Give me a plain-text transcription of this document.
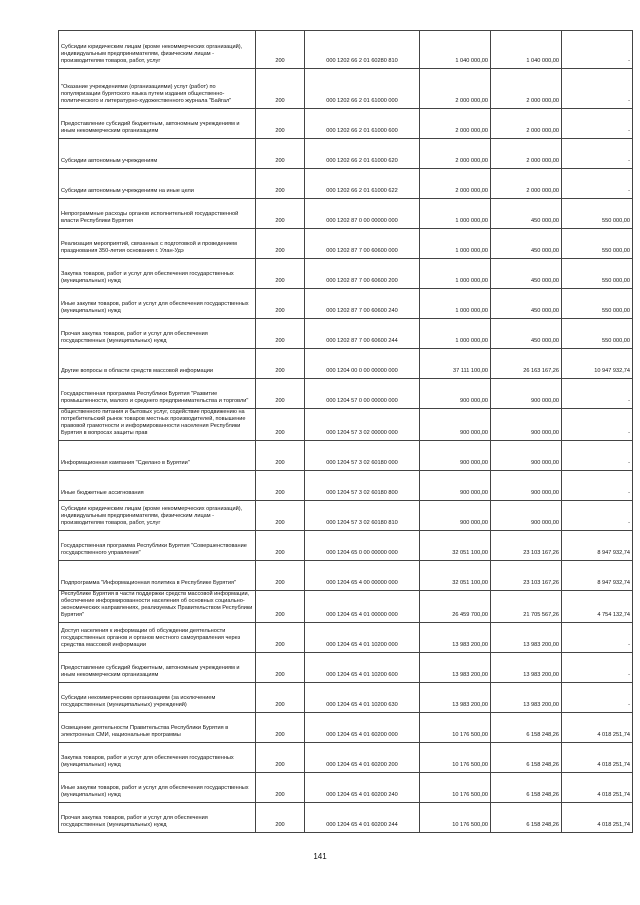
Субсидии юридическим лицам (кроме некоммерческих организаций), индивидуальным предпринимателям, физическим лицам - производителям товаров, работ, услуг	200	000 1202 66 2 01 60280 810	1 040 000,00	1 040 000,00	-

"Оказание учреждениями (организациями) услуг (работ) по популяризации бурятского языка путем издания общественно-политического и литературно-художественного журнала "Байгал"	200	000 1202 66 2 01 61000 000	2 000 000,00	2 000 000,00	-

Предоставление субсидий бюджетным, автономным учреждениям и иным некоммерческим организациям	200	000 1202 66 2 01 61000 600	2 000 000,00	2 000 000,00	-

Субсидии автономным учреждениям	200	000 1202 66 2 01 61000 620	2 000 000,00	2 000 000,00	-

Субсидии автономным учреждениям на иные цели	200	000 1202 66 2 01 61000 622	2 000 000,00	2 000 000,00	-

Непрограммные расходы органов исполнительной государственной власти Республики Бурятия	200	000 1202 87 0 00 00000 000	1 000 000,00	450 000,00	550 000,00

Реализация мероприятий, связанных с подготовкой и проведением празднования 350-летия основания г. Улан-Удэ	200	000 1202 87 7 00 60600 000	1 000 000,00	450 000,00	550 000,00

Закупка товаров, работ и услуг для обеспечения государственных (муниципальных) нужд	200	000 1202 87 7 00 60600 200	1 000 000,00	450 000,00	550 000,00

Иные закупки товаров, работ и услуг для обеспечения государственных (муниципальных) нужд	200	000 1202 87 7 00 60600 240	1 000 000,00	450 000,00	550 000,00

Прочая закупка товаров, работ и услуг для обеспечения государственных (муниципальных) нужд	200	000 1202 87 7 00 60600 244	1 000 000,00	450 000,00	550 000,00

Другие вопросы в области средств массовой информации	200	000 1204 00 0 00 00000 000	37 111 100,00	26 163 167,26	10 947 932,74

Государственная программа Республики Бурятия "Развитие промышленности, малого и среднего предпринимательства и торговли"	200	000 1204 57 0 00 00000 000	900 000,00	900 000,00	-

общественного питания и бытовых услуг, содействие продвижению на потребительский рынок товаров местных производителей, повышение правовой грамотности и информированности населения Республики Бурятия в вопросах защиты прав	200	000 1204 57 3 02 00000 000	900 000,00	900 000,00	-

Информационная кампания "Сделано в Бурятии"	200	000 1204 57 3 02 60180 000	900 000,00	900 000,00	-

Иные бюджетные ассигнования	200	000 1204 57 3 02 60180 800	900 000,00	900 000,00	-

Субсидии юридическим лицам (кроме некоммерческих организаций), индивидуальным предпринимателям, физическим лицам - производителям товаров, работ, услуг	200	000 1204 57 3 02 60180 810	900 000,00	900 000,00	-

Государственная программа Республики Бурятия "Совершенствование государственного управления"	200	000 1204 65 0 00 00000 000	32 051 100,00	23 103 167,26	8 947 932,74

Подпрограмма "Информационная политика в Республике Бурятия"	200	000 1204 65 4 00 00000 000	32 051 100,00	23 103 167,26	8 947 932,74

Республике Бурятия в части поддержки средств массовой информации, обеспечение информированности населения об основных социально-экономических направлениях, реализуемых Правительством Республики Бурятия"	200	000 1204 65 4 01 00000 000	26 459 700,00	21 705 567,26	4 754 132,74

Доступ населения к информации об обсуждении деятельности государственных органов и органов местного самоуправления через средства массовой информации	200	000 1204 65 4 01 10200 000	13 983 200,00	13 983 200,00	-

Предоставление субсидий бюджетным, автономным учреждениям и иным некоммерческим организациям	200	000 1204 65 4 01 10200 600	13 983 200,00	13 983 200,00	-

Субсидии некоммерческим организациям (за исключением государственных (муниципальных) учреждений)	200	000 1204 65 4 01 10200 630	13 983 200,00	13 983 200,00	-

Освещение деятельности Правительства Республики Бурятия в электронных СМИ, национальные программы	200	000 1204 65 4 01 60200 000	10 176 500,00	6 158 248,26	4 018 251,74

Закупка товаров, работ и услуг для обеспечения государственных (муниципальных) нужд	200	000 1204 65 4 01 60200 200	10 176 500,00	6 158 248,26	4 018 251,74

Иные закупки товаров, работ и услуг для обеспечения государственных (муниципальных) нужд	200	000 1204 65 4 01 60200 240	10 176 500,00	6 158 248,26	4 018 251,74

Прочая закупка товаров, работ и услуг для обеспечения государственных (муниципальных) нужд	200	000 1204 65 4 01 60200 244	10 176 500,00	6 158 248,26	4 018 251,74
141
